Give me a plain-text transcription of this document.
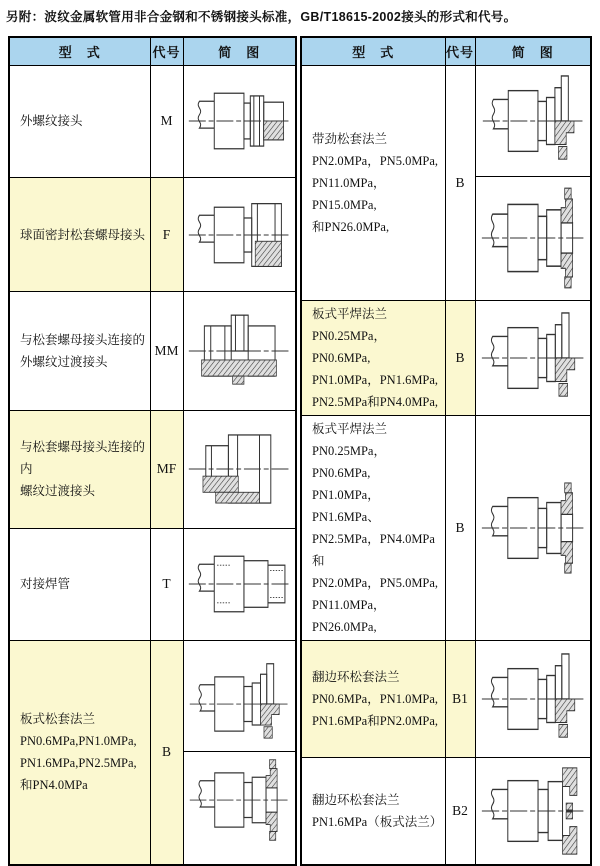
另附：波纹金属软管用非合金钢和不锈钢接头标准，GB/T18615-2002接头的形式和代号。
型　式	代号	简　图

外螺纹接头	M	

球面密封松套螺母接头	F	

与松套螺母接头连接的
外螺纹过渡接头	MM	

与松套螺母接头连接的内
螺纹过渡接头	MF	

对接焊管	T	

板式松套法兰
PN0.6MPa,PN1.0MPa,
PN1.6MPa,PN2.5MPa,
和PN4.0MPa	B	
型　式	代号	简　图

带劲松套法兰
PN2.0MPa，PN5.0MPa,
PN11.0MPa，PN15.0MPa,
和PN26.0MPa,	B	

板式平焊法兰
PN0.25MPa，PN0.6MPa,
PN1.0MPa，PN1.6MPa,
PN2.5MPa和PN4.0MPa,	B	

板式平焊法兰
PN0.25MPa，PN0.6MPa,
PN1.0MPa，PN1.6MPa、
PN2.5MPa，PN4.0MPa和
PN2.0MPa，PN5.0MPa,
PN11.0MPa，PN26.0MPa,
	B	

翻边环松套法兰
PN0.6MPa，PN1.0MPa,
PN1.6MPa和PN2.0MPa,	B1	

翻边环松套法兰
PN1.6MPa（板式法兰）	B2	
